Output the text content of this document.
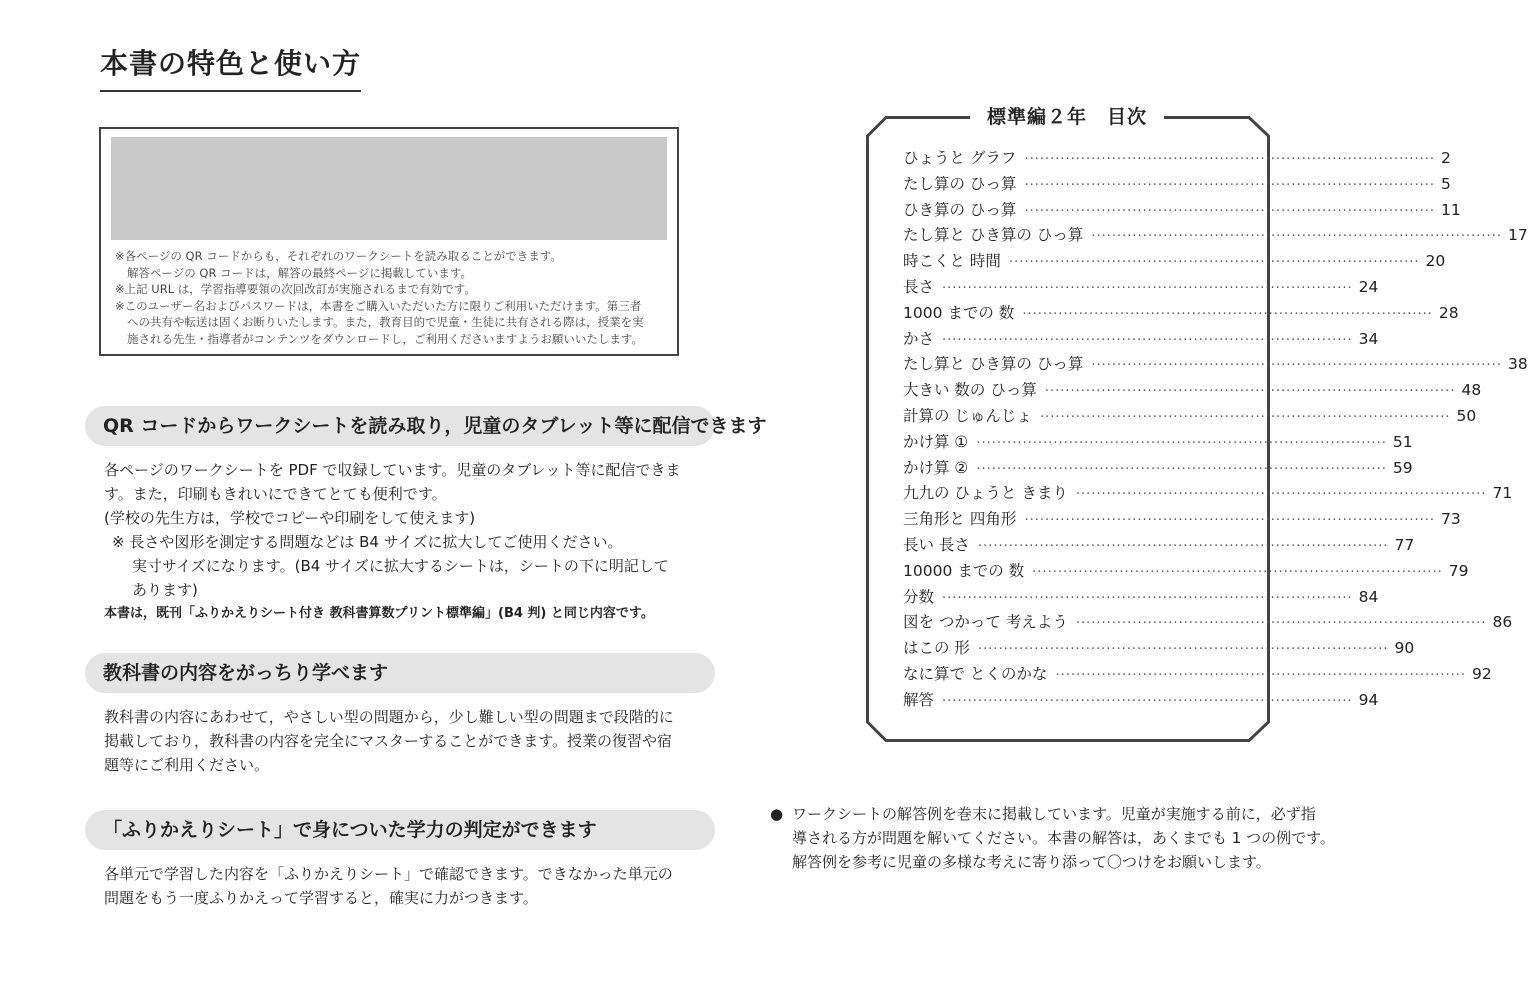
本書の特色と使い方
※各ページの QR コードからも，それぞれのワークシートを読み取ることができます。
解答ページの QR コードは，解答の最終ページに掲載しています。
※上記 URL は，学習指導要領の次回改訂が実施されるまで有効です。
※このユーザー名およびパスワードは，本書をご購入いただいた方に限りご利用いただけます。第三者
への共有や転送は固くお断りいたします。また，教育目的で児童・生徒に共有される際は，授業を実
施される先生・指導者がコンテンツをダウンロードし，ご利用くださいますようお願いいたします。
QR コードからワークシートを読み取り，児童のタブレット等に配信できます

各ページのワークシートを PDF で収録しています。児童のタブレット等に配信できま

す。また，印刷もきれいにできてとても便利です。

(学校の先生方は，学校でコピーや印刷をして使えます)

※ 長さや図形を測定する問題などは B4 サイズに拡大してご使用ください。

実寸サイズになります。(B4 サイズに拡大するシートは，シートの下に明記して

あります)

本書は，既刊「ふりかえりシート付き 教科書算数プリント標準編」(B4 判) と同じ内容です。

教科書の内容をがっちり学べます

教科書の内容にあわせて，やさしい型の問題から，少し難しい型の問題まで段階的に

掲載しており，教科書の内容を完全にマスターすることができます。授業の復習や宿

題等にご利用ください。

「ふりかえりシート」で身についた学力の判定ができます

各単元で学習した内容を「ふりかえりシート」で確認できます。できなかった単元の

問題をもう一度ふりかえって学習すると，確実に力がつきます。

標準編２年　目次
ひょうと グラフ ················································································ 2
たし算の ひっ算 ················································································ 5
ひき算の ひっ算 ················································································ 11
たし算と ひき算の ひっ算 ················································································ 17
時こくと 時間 ················································································ 20
長さ ················································································ 24
1000 までの 数 ················································································ 28
かさ ················································································ 34
たし算と ひき算の ひっ算 ················································································ 38
大きい 数の ひっ算 ················································································ 48
計算の じゅんじょ ················································································ 50
かけ算 ① ················································································ 51
かけ算 ② ················································································ 59
九九の ひょうと きまり ················································································ 71
三角形と 四角形 ················································································ 73
長い 長さ ················································································ 77
10000 までの 数 ················································································ 79
分数 ················································································ 84
図を つかって 考えよう ················································································ 86
はこの 形 ················································································ 90
なに算で とくのかな ················································································ 92
解答 ················································································ 94
● ワークシートの解答例を巻末に掲載しています。児童が実施する前に，必ず指
導される方が問題を解いてください。本書の解答は，あくまでも 1 つの例です。
解答例を参考に児童の多様な考えに寄り添って〇つけをお願いします。
